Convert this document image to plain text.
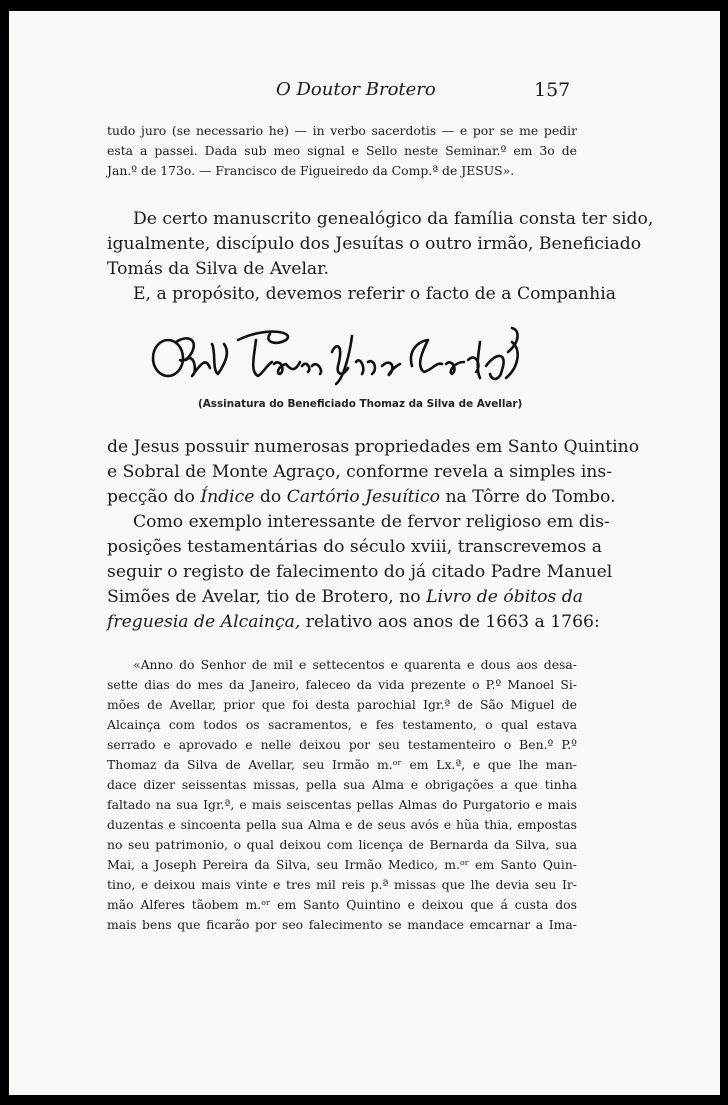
O Doutor Brotero	157
tudo juro (se necessario he) — in verbo sacerdotis — e por se me pedir
esta a passei. Dada sub meo signal e Sello neste Seminar.º em 3o de
Jan.º de 173o. — Francisco de Figueiredo da Comp.ª de JESUS».
De certo manuscrito genealógico da família consta ter sido,
igualmente, discípulo dos Jesuítas o outro irmão, Beneficiado
Tomás da Silva de Avelar.
E, a propósito, devemos referir o facto de a Companhia
(Assinatura do Beneficiado Thomaz da Silva de Avellar)
de Jesus possuir numerosas propriedades em Santo Quintino
e Sobral de Monte Agraço, conforme revela a simples ins-
pecção do Índice do Cartório Jesuítico na Tôrre do Tombo.
Como exemplo interessante de fervor religioso em dis-
posições testamentárias do século xviii, transcrevemos a
seguir o registo de falecimento do já citado Padre Manuel
Simões de Avelar, tio de Brotero, no Livro de óbitos da
freguesia de Alcainça, relativo aos anos de 1663 a 1766:
«Anno do Senhor de mil e settecentos e quarenta e dous aos desa-
sette dias do mes da Janeiro, faleceo da vida prezente o P.º Manoel Si-
mões de Avellar, prior que foi desta parochial Igr.ª de São Miguel de
Alcainça com todos os sacramentos, e fes testamento, o qual estava
serrado e aprovado e nelle deixou por seu testamenteiro o Ben.º P.º
Thomaz da Silva de Avellar, seu Irmão m.ᵒʳ em Lx.ª, e que lhe man-
dace dizer seissentas missas, pella sua Alma e obrigações a que tinha
faltado na sua Igr.ª, e mais seiscentas pellas Almas do Purgatorio e mais
duzentas e sincoenta pella sua Alma e de seus avós e hũa thia, empostas
no seu patrimonio, o qual deixou com licença de Bernarda da Silva, sua
Mai, a Joseph Pereira da Silva, seu Irmão Medico, m.ᵒʳ em Santo Quin-
tino, e deixou mais vinte e tres mil reis p.ª missas que lhe devia seu Ir-
mão Alferes tãobem m.ᵒʳ em Santo Quintino e deixou que á custa dos
mais bens que ficarão por seo falecimento se mandace emcarnar a Ima-
